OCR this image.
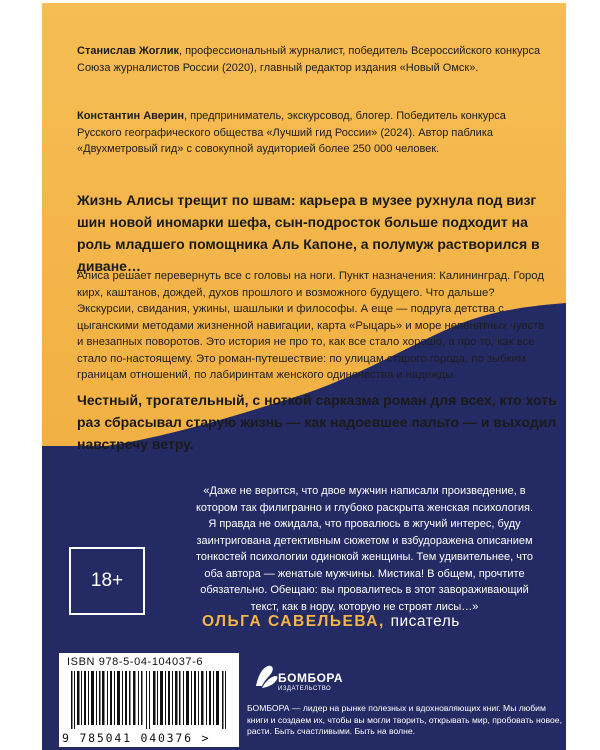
Станислав Жоглик, профессиональный журналист, победитель Всероссийского конкурса Союза журналистов России (2020), главный редактор издания «Новый Омск».

Константин Аверин, предприниматель, экскурсовод, блогер. Победитель конкурса Русского географического общества «Лучший гид России» (2024). Автор паблика «Двухметровый гид» с совокупной аудиторией более 250 000 человек.

Жизнь Алисы трещит по швам: карьера в музее рухнула под визг шин новой иномарки шефа, сын-подросток больше подходит на роль младшего помощника Аль Капоне, а полумуж растворился в диване…

Алиса решает перевернуть все с головы на ноги. Пункт назначения: Калининград. Город кирх, каштанов, дождей, духов прошлого и возможного будущего. Что дальше? Экскурсии, свидания, ужины, шашлыки и философы. А еще — подруга детства с цыганскими методами жизненной навигации, карта «Рыцарь» и море непонятных чувств и внезапных поворотов. Это история не про то, как все стало хорошо, а про то, как все стало по-настоящему. Это роман-путешествие: по улицам старого города, по зыбким границам отношений, по лабиринтам женского одиночества и надежды.

Честный, трогательный, с ноткой сарказма роман для всех, кто хоть раз сбрасывал старую жизнь — как надоевшее пальто — и выходил навстречу ветру.

«Даже не верится, что двое мужчин написали произведение, в котором так филигранно и глубоко раскрыта женская психология. Я правда не ожидала, что провалюсь в жгучий интерес, буду заинтригована детективным сюжетом и взбудоражена описанием тонкостей психологии одинокой женщины. Тем удивительнее, что оба автора — женатые мужчины. Мистика! В общем, прочтите обязательно. Обещаю: вы провалитесь в этот завораживающий текст, как в нору, которую не строят лисы…»

ОЛЬГА САВЕЛЬЕВА, писатель
18+
ISBN 978-5-04-104037-6
9 785041 040376 >
БОМБОРА
ИЗДАТЕЛЬСТВО

БОМБОРА — лидер на рынке полезных и вдохновляющих книг. Мы любим книги и создаем их, чтобы вы могли творить, открывать мир, пробовать новое, расти. Быть счастливыми. Быть на волне.
